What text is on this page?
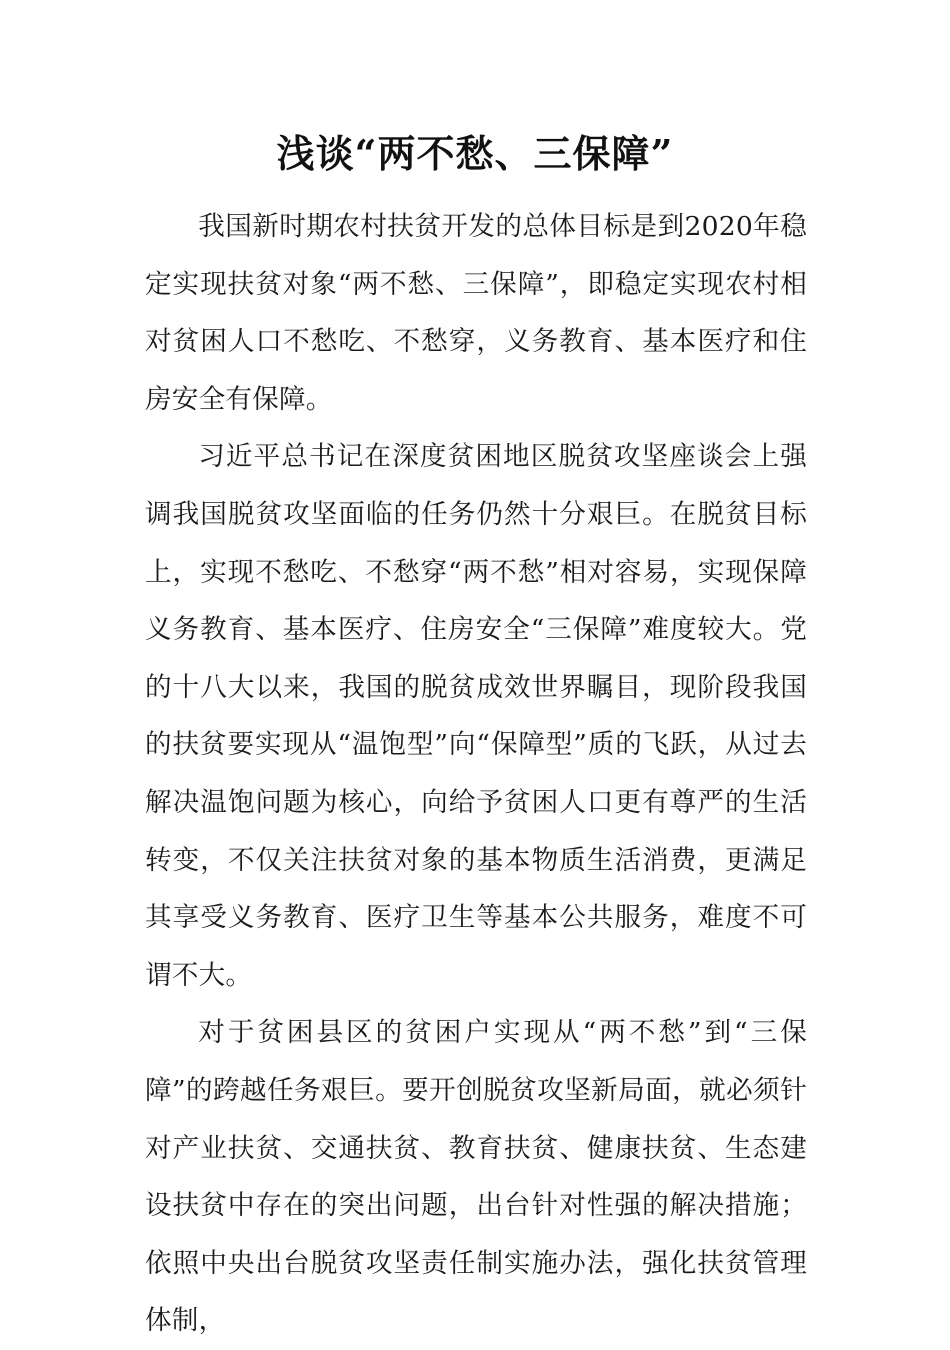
浅谈“两不愁、三保障”

我国新时期农村扶贫开发的总体目标是到2020年稳定实现扶贫对象“两不愁、三保障”，即稳定实现农村相对贫困人口不愁吃、不愁穿，义务教育、基本医疗和住房安全有保障。

习近平总书记在深度贫困地区脱贫攻坚座谈会上强调我国脱贫攻坚面临的任务仍然十分艰巨。在脱贫目标上，实现不愁吃、不愁穿“两不愁”相对容易，实现保障义务教育、基本医疗、住房安全“三保障”难度较大。党的十八大以来，我国的脱贫成效世界瞩目，现阶段我国的扶贫要实现从“温饱型”向“保障型”质的飞跃，从过去解决温饱问题为核心，向给予贫困人口更有尊严的生活转变，不仅关注扶贫对象的基本物质生活消费，更满足其享受义务教育、医疗卫生等基本公共服务，难度不可谓不大。

对于贫困县区的贫困户实现从“两不愁”到“三保障”的跨越任务艰巨。要开创脱贫攻坚新局面，就必须针对产业扶贫、交通扶贫、教育扶贫、健康扶贫、生态建设扶贫中存在的突出问题，出台针对性强的解决措施；依照中央出台脱贫攻坚责任制实施办法，强化扶贫管理体制，
